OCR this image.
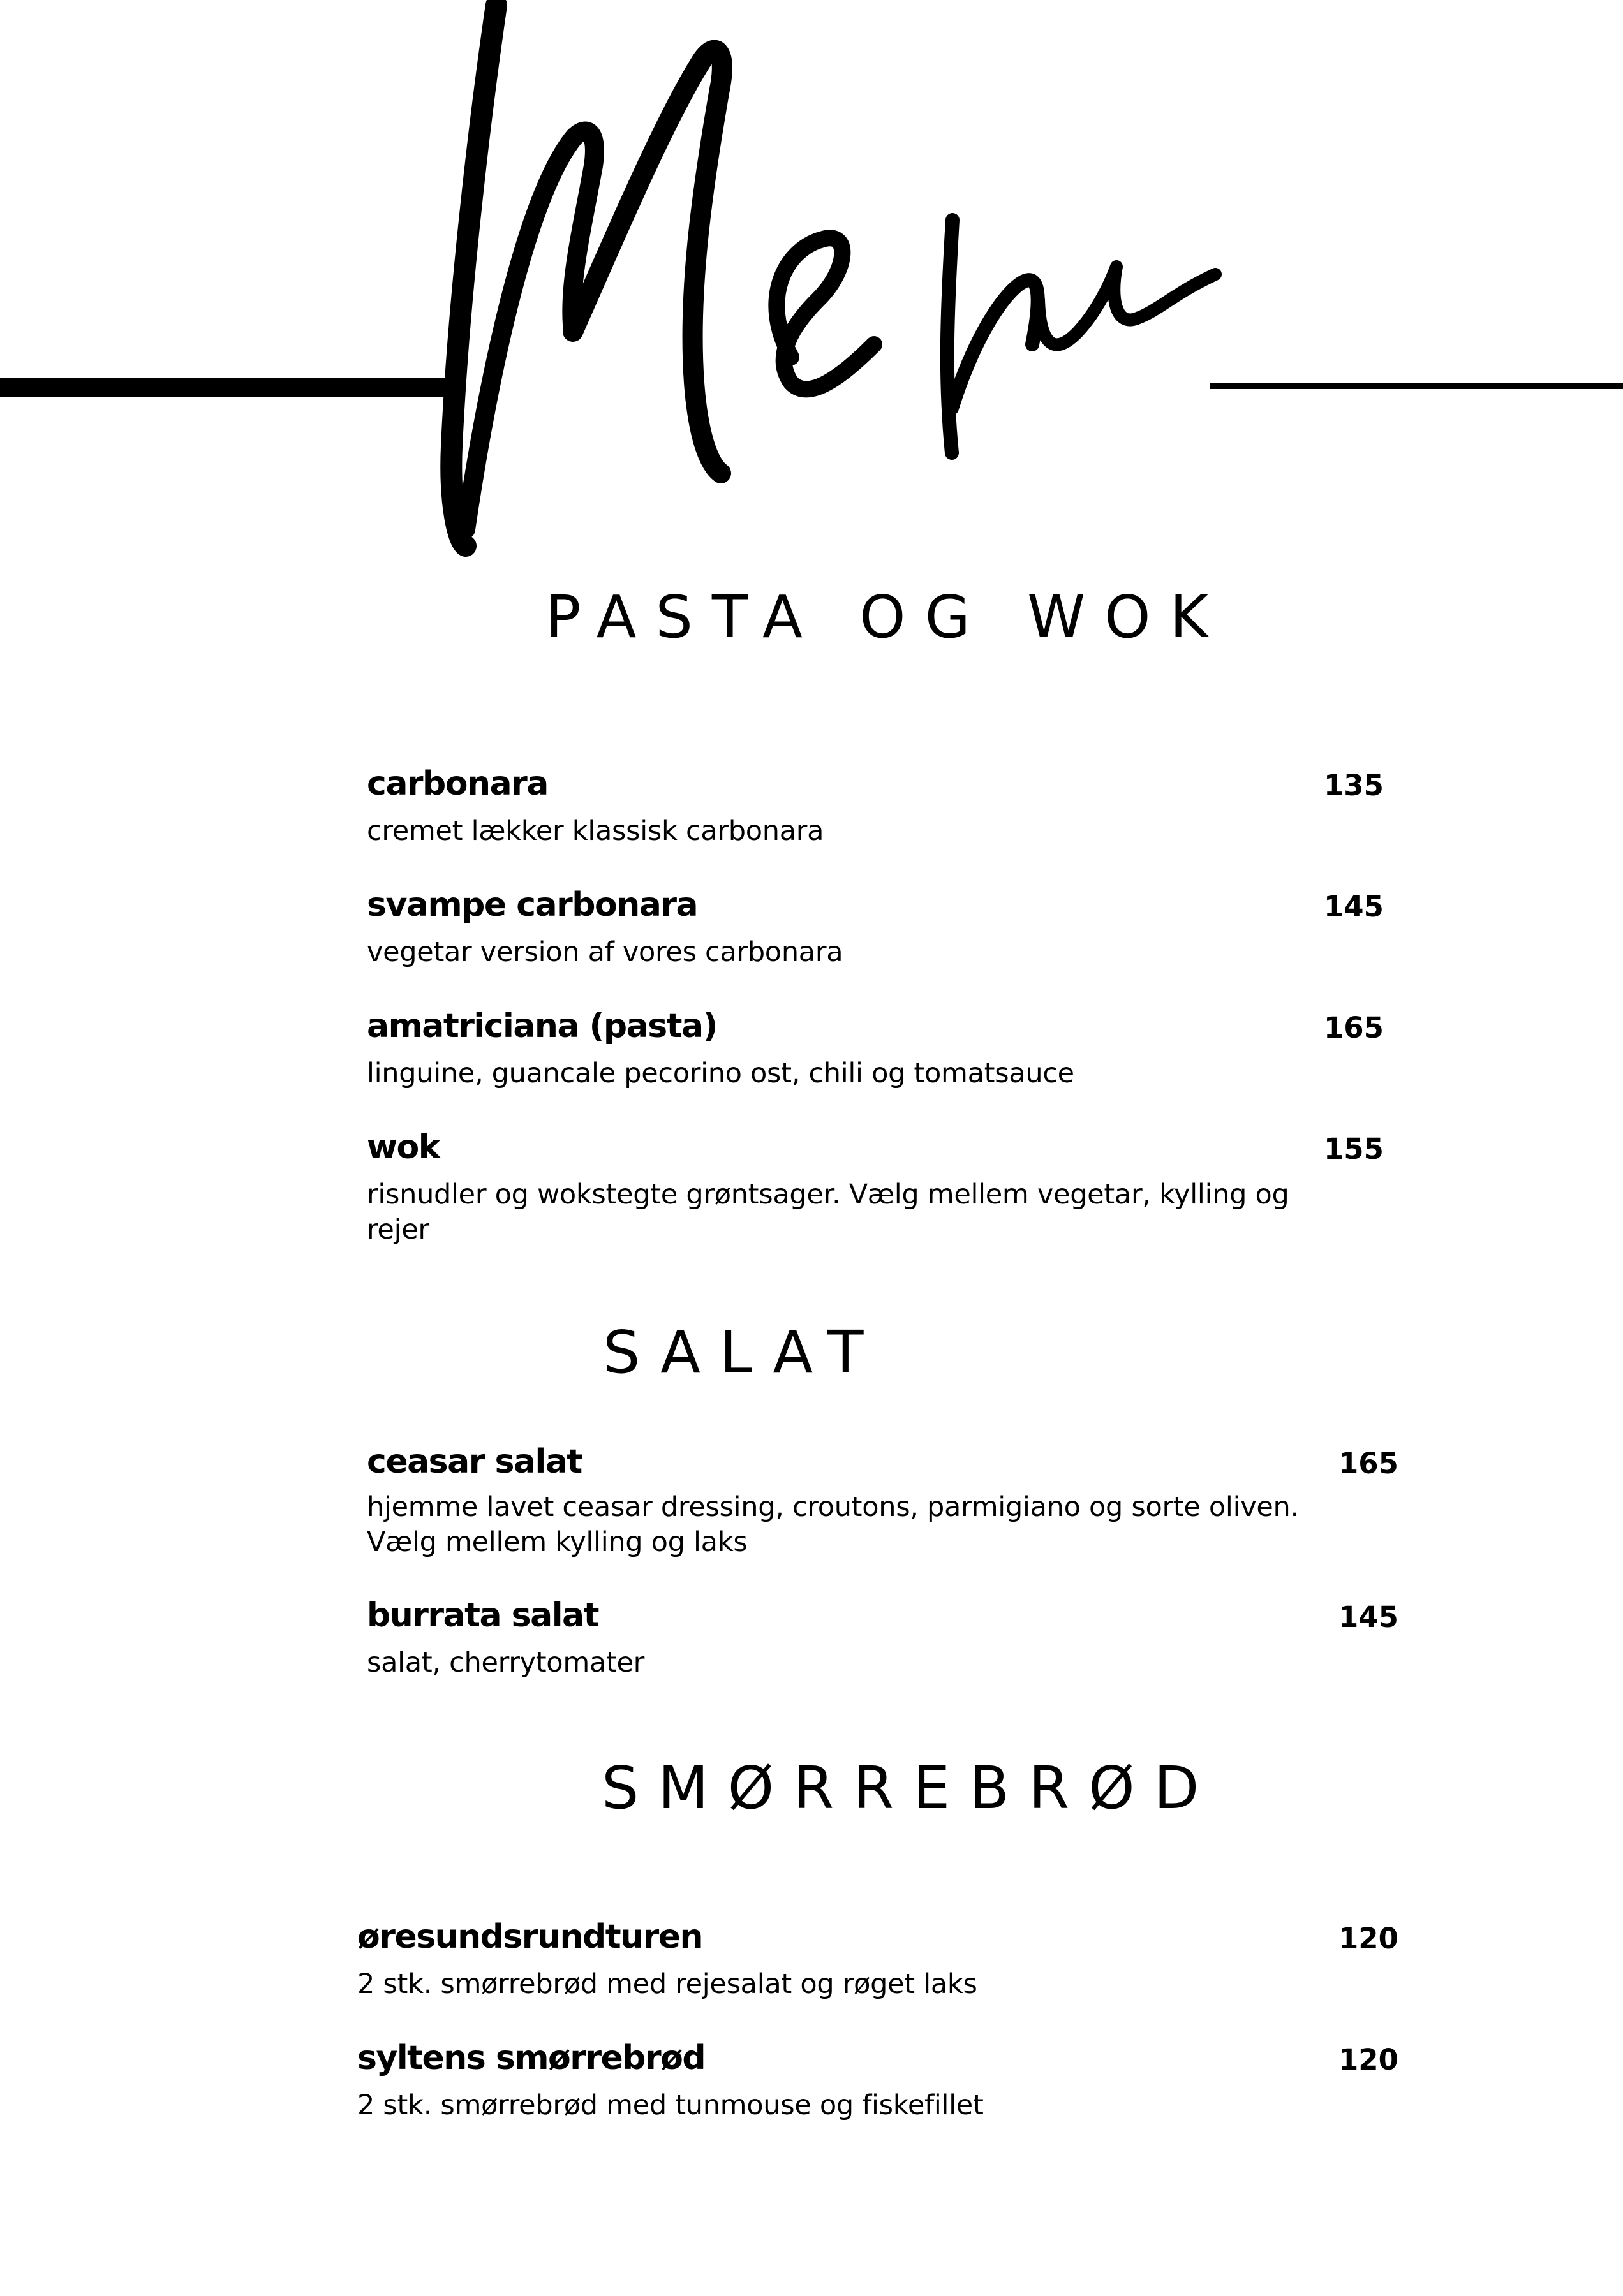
PASTA OG WOK

carbonara	135

cremet lækker klassisk carbonara

svampe carbonara	145

vegetar version af vores carbonara

amatriciana (pasta)	165

linguine, guancale pecorino ost, chili og tomatsauce

wok	155

risnudler og wokstegte grøntsager. Vælg mellem vegetar, kylling og rejer

SALAT

ceasar salat	165

hjemme lavet ceasar dressing, croutons, parmigiano og sorte oliven. Vælg mellem kylling og laks

burrata salat	145

salat, cherrytomater

SMØRREBRØD

øresundsrundturen	120

2 stk. smørrebrød med rejesalat og røget laks

syltens smørrebrød	120

2 stk. smørrebrød med tunmouse og fiskefillet
